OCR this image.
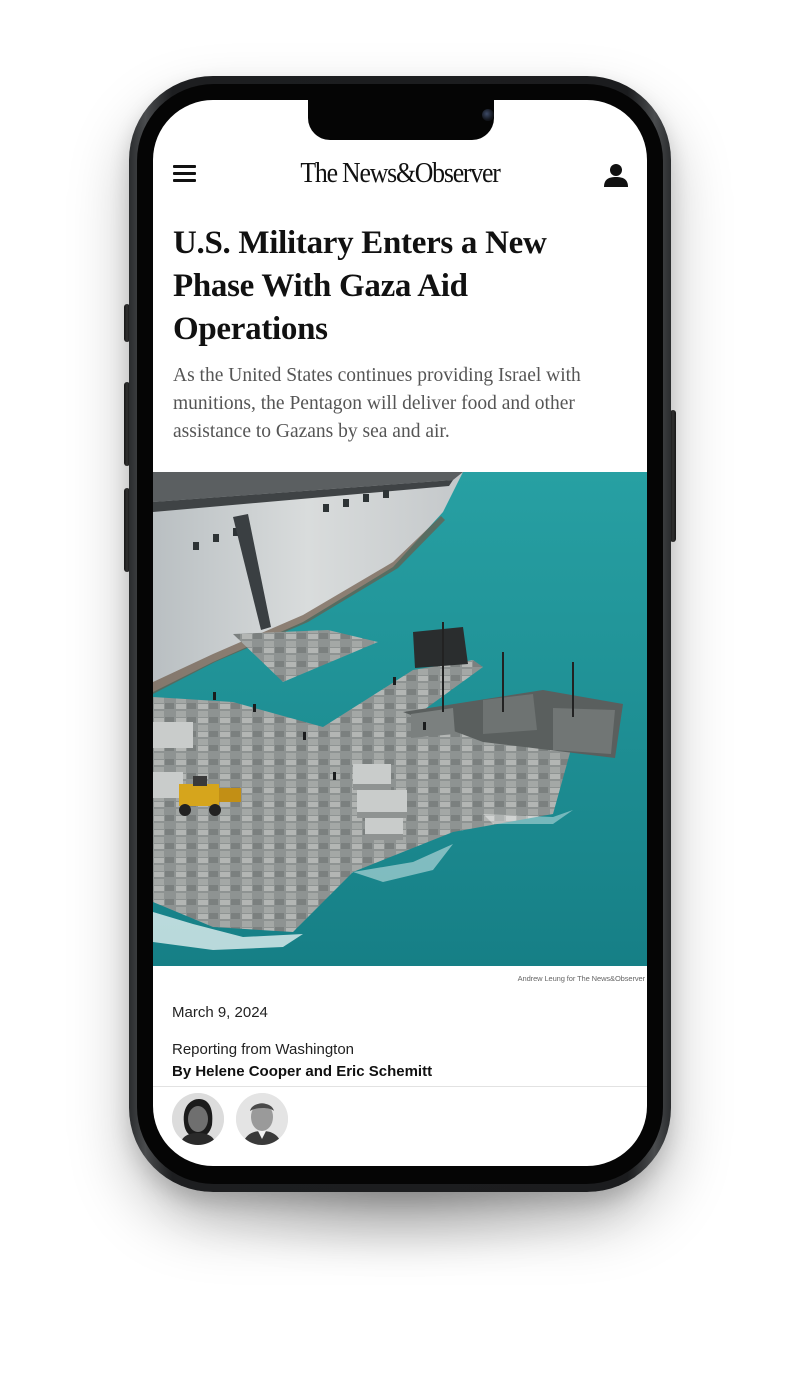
The News&Observer
U.S. Military Enters a New Phase With Gaza Aid Operations

As the United States continues providing Israel with munitions, the Pentagon will deliver food and other assistance to Gazans by sea and air.

Andrew Leung for The News&Observer
March 9, 2024
Reporting from Washington
By Helene Cooper and Eric Schemitt
